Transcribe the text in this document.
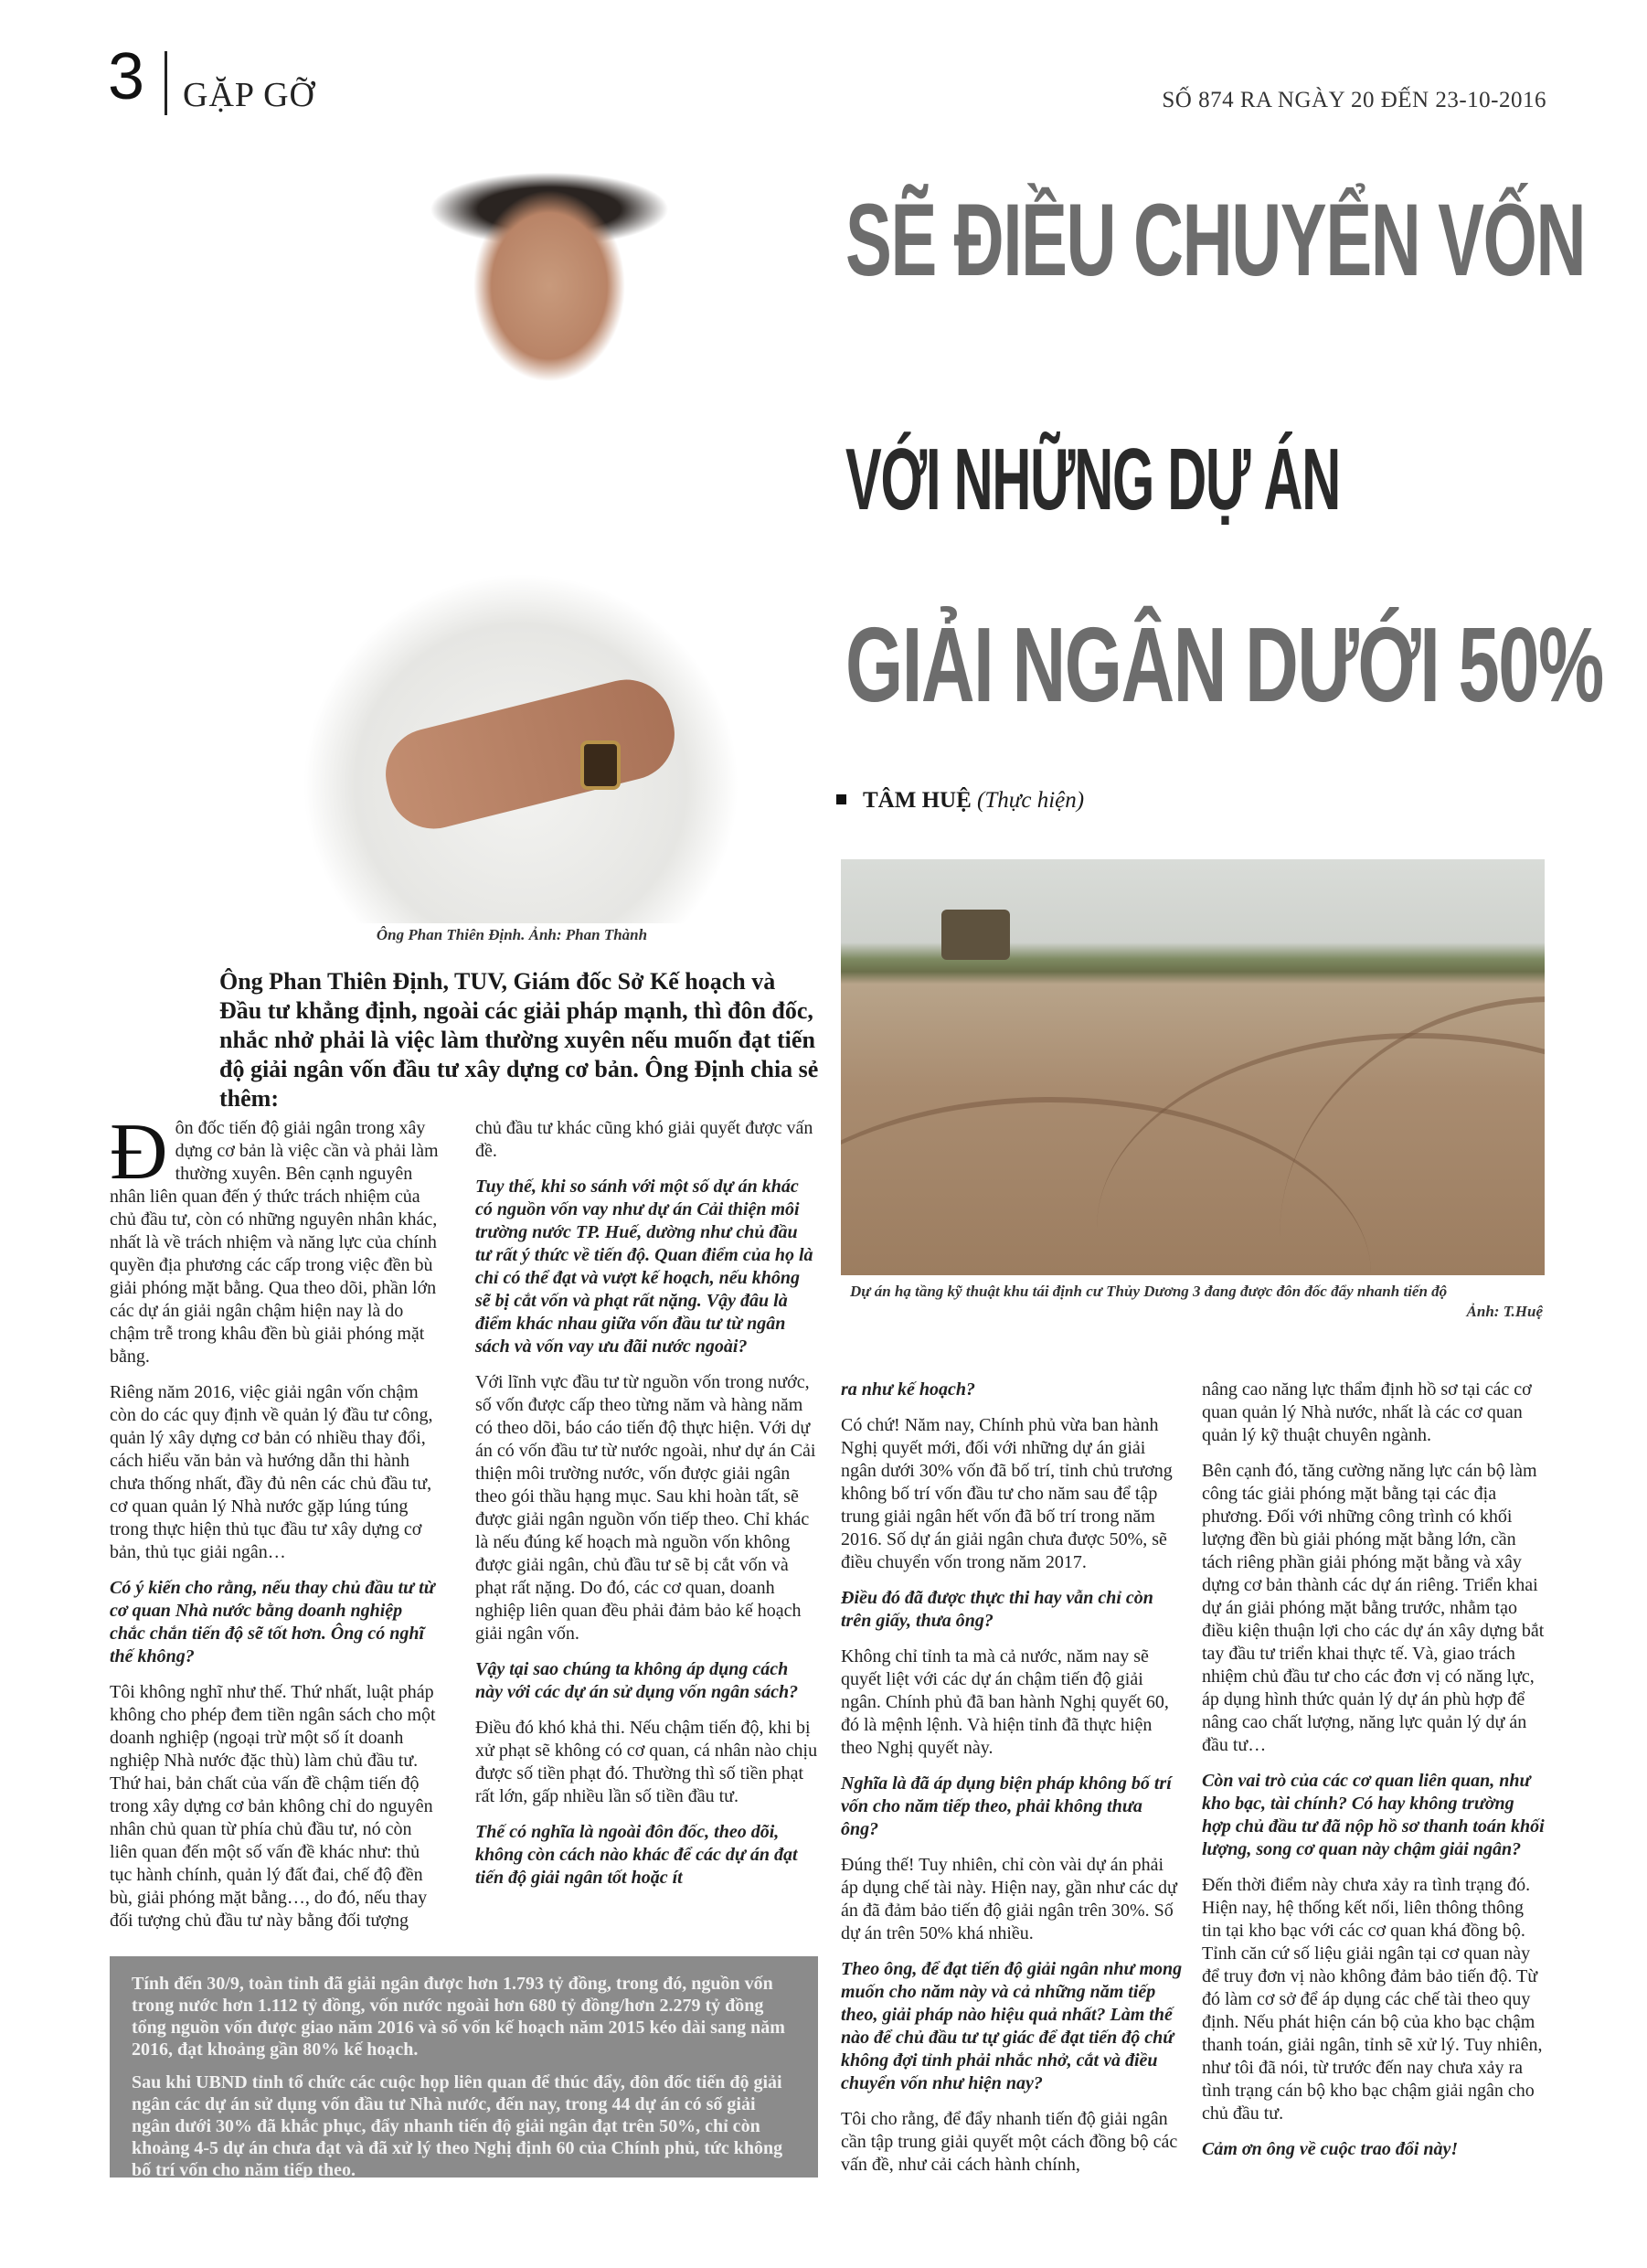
3 GẶP GỠ	SỐ 874 RA NGÀY 20 ĐẾN 23-10-2016
Ông Phan Thiên Định. Ảnh: Phan Thành
SẼ ĐIỀU CHUYỂN VỐN
VỚI NHỮNG DỰ ÁN
GIẢI NGÂN DƯỚI 50%
TÂM HUỆ (Thực hiện)
Dự án hạ tầng kỹ thuật khu tái định cư Thủy Dương 3 đang được đôn đốc đẩy nhanh tiến độ
Ảnh: T.Huệ
Ông Phan Thiên Định, TUV, Giám đốc Sở Kế hoạch và Đầu tư khẳng định, ngoài các giải pháp mạnh, thì đôn đốc, nhắc nhở phải là việc làm thường xuyên nếu muốn đạt tiến độ giải ngân vốn đầu tư xây dựng cơ bản. Ông Định chia sẻ thêm:

Đôn đốc tiến độ giải ngân trong xây dựng cơ bản là việc cần và phải làm thường xuyên. Bên cạnh nguyên nhân liên quan đến ý thức trách nhiệm của chủ đầu tư, còn có những nguyên nhân khác, nhất là về trách nhiệm và năng lực của chính quyền địa phương các cấp trong việc đền bù giải phóng mặt bằng. Qua theo dõi, phần lớn các dự án giải ngân chậm hiện nay là do chậm trễ trong khâu đền bù giải phóng mặt bằng.

Riêng năm 2016, việc giải ngân vốn chậm còn do các quy định về quản lý đầu tư công, quản lý xây dựng cơ bản có nhiều thay đổi, cách hiểu văn bản và hướng dẫn thi hành chưa thống nhất, đầy đủ nên các chủ đầu tư, cơ quan quản lý Nhà nước gặp lúng túng trong thực hiện thủ tục đầu tư xây dựng cơ bản, thủ tục giải ngân…

Có ý kiến cho rằng, nếu thay chủ đầu tư từ cơ quan Nhà nước bằng doanh nghiệp chắc chắn tiến độ sẽ tốt hơn. Ông có nghĩ thế không?

Tôi không nghĩ như thế. Thứ nhất, luật pháp không cho phép đem tiền ngân sách cho một doanh nghiệp (ngoại trừ một số ít doanh nghiệp Nhà nước đặc thù) làm chủ đầu tư. Thứ hai, bản chất của vấn đề chậm tiến độ trong xây dựng cơ bản không chỉ do nguyên nhân chủ quan từ phía chủ đầu tư, nó còn liên quan đến một số vấn đề khác như: thủ tục hành chính, quản lý đất đai, chế độ đền bù, giải phóng mặt bằng…, do đó, nếu thay đối tượng chủ đầu tư này bằng đối tượng

chủ đầu tư khác cũng khó giải quyết được vấn đề.

Tuy thế, khi so sánh với một số dự án khác có nguồn vốn vay như dự án Cải thiện môi trường nước TP. Huế, dường như chủ đầu tư rất ý thức về tiến độ. Quan điểm của họ là chỉ có thể đạt và vượt kế hoạch, nếu không sẽ bị cắt vốn và phạt rất nặng. Vậy đâu là điểm khác nhau giữa vốn đầu tư từ ngân sách và vốn vay ưu đãi nước ngoài?

Với lĩnh vực đầu tư từ nguồn vốn trong nước, số vốn được cấp theo từng năm và hàng năm có theo dõi, báo cáo tiến độ thực hiện. Với dự án có vốn đầu tư từ nước ngoài, như dự án Cải thiện môi trường nước, vốn được giải ngân theo gói thầu hạng mục. Sau khi hoàn tất, sẽ được giải ngân nguồn vốn tiếp theo. Chỉ khác là nếu đúng kế hoạch mà nguồn vốn không được giải ngân, chủ đầu tư sẽ bị cắt vốn và phạt rất nặng. Do đó, các cơ quan, doanh nghiệp liên quan đều phải đảm bảo kế hoạch giải ngân vốn.

Vậy tại sao chúng ta không áp dụng cách này với các dự án sử dụng vốn ngân sách?

Điều đó khó khả thi. Nếu chậm tiến độ, khi bị xử phạt sẽ không có cơ quan, cá nhân nào chịu được số tiền phạt đó. Thường thì số tiền phạt rất lớn, gấp nhiều lần số tiền đầu tư.

Thế có nghĩa là ngoài đôn đốc, theo dõi, không còn cách nào khác để các dự án đạt tiến độ giải ngân tốt hoặc ít

ra như kế hoạch?

Có chứ! Năm nay, Chính phủ vừa ban hành Nghị quyết mới, đối với những dự án giải ngân dưới 30% vốn đã bố trí, tỉnh chủ trương không bố trí vốn đầu tư cho năm sau để tập trung giải ngân hết vốn đã bố trí trong năm 2016. Số dự án giải ngân chưa được 50%, sẽ điều chuyển vốn trong năm 2017.

Điều đó đã được thực thi hay vẫn chỉ còn trên giấy, thưa ông?

Không chỉ tỉnh ta mà cả nước, năm nay sẽ quyết liệt với các dự án chậm tiến độ giải ngân. Chính phủ đã ban hành Nghị quyết 60, đó là mệnh lệnh. Và hiện tỉnh đã thực hiện theo Nghị quyết này.

Nghĩa là đã áp dụng biện pháp không bố trí vốn cho năm tiếp theo, phải không thưa ông?

Đúng thế! Tuy nhiên, chỉ còn vài dự án phải áp dụng chế tài này. Hiện nay, gần như các dự án đã đảm bảo tiến độ giải ngân trên 30%. Số dự án trên 50% khá nhiều.

Theo ông, để đạt tiến độ giải ngân như mong muốn cho năm này và cả những năm tiếp theo, giải pháp nào hiệu quả nhất? Làm thế nào để chủ đầu tư tự giác để đạt tiến độ chứ không đợi tỉnh phải nhắc nhở, cắt và điều chuyển vốn như hiện nay?

Tôi cho rằng, để đẩy nhanh tiến độ giải ngân cần tập trung giải quyết một cách đồng bộ các vấn đề, như cải cách hành chính,

nâng cao năng lực thẩm định hồ sơ tại các cơ quan quản lý Nhà nước, nhất là các cơ quan quản lý kỹ thuật chuyên ngành.

Bên cạnh đó, tăng cường năng lực cán bộ làm công tác giải phóng mặt bằng tại các địa phương. Đối với những công trình có khối lượng đền bù giải phóng mặt bằng lớn, cần tách riêng phần giải phóng mặt bằng và xây dựng cơ bản thành các dự án riêng. Triển khai dự án giải phóng mặt bằng trước, nhằm tạo điều kiện thuận lợi cho các dự án xây dựng bắt tay đầu tư triển khai thực tế. Và, giao trách nhiệm chủ đầu tư cho các đơn vị có năng lực, áp dụng hình thức quản lý dự án phù hợp để nâng cao chất lượng, năng lực quản lý dự án đầu tư…

Còn vai trò của các cơ quan liên quan, như kho bạc, tài chính? Có hay không trường hợp chủ đầu tư đã nộp hồ sơ thanh toán khối lượng, song cơ quan này chậm giải ngân?

Đến thời điểm này chưa xảy ra tình trạng đó. Hiện nay, hệ thống kết nối, liên thông thông tin tại kho bạc với các cơ quan khá đồng bộ. Tỉnh căn cứ số liệu giải ngân tại cơ quan này để truy đơn vị nào không đảm bảo tiến độ. Từ đó làm cơ sở để áp dụng các chế tài theo quy định. Nếu phát hiện cán bộ của kho bạc chậm thanh toán, giải ngân, tỉnh sẽ xử lý. Tuy nhiên, như tôi đã nói, từ trước đến nay chưa xảy ra tình trạng cán bộ kho bạc chậm giải ngân cho chủ đầu tư.

Cảm ơn ông về cuộc trao đổi này!

Tính đến 30/9, toàn tỉnh đã giải ngân được hơn 1.793 tỷ đồng, trong đó, nguồn vốn trong nước hơn 1.112 tỷ đồng, vốn nước ngoài hơn 680 tỷ đồng/hơn 2.279 tỷ đồng tổng nguồn vốn được giao năm 2016 và số vốn kế hoạch năm 2015 kéo dài sang năm 2016, đạt khoảng gần 80% kế hoạch.

Sau khi UBND tỉnh tổ chức các cuộc họp liên quan để thúc đẩy, đôn đốc tiến độ giải ngân các dự án sử dụng vốn đầu tư Nhà nước, đến nay, trong 44 dự án có số giải ngân dưới 30% đã khắc phục, đẩy nhanh tiến độ giải ngân đạt trên 50%, chỉ còn khoảng 4-5 dự án chưa đạt và đã xử lý theo Nghị định 60 của Chính phủ, tức không bố trí vốn cho năm tiếp theo.
